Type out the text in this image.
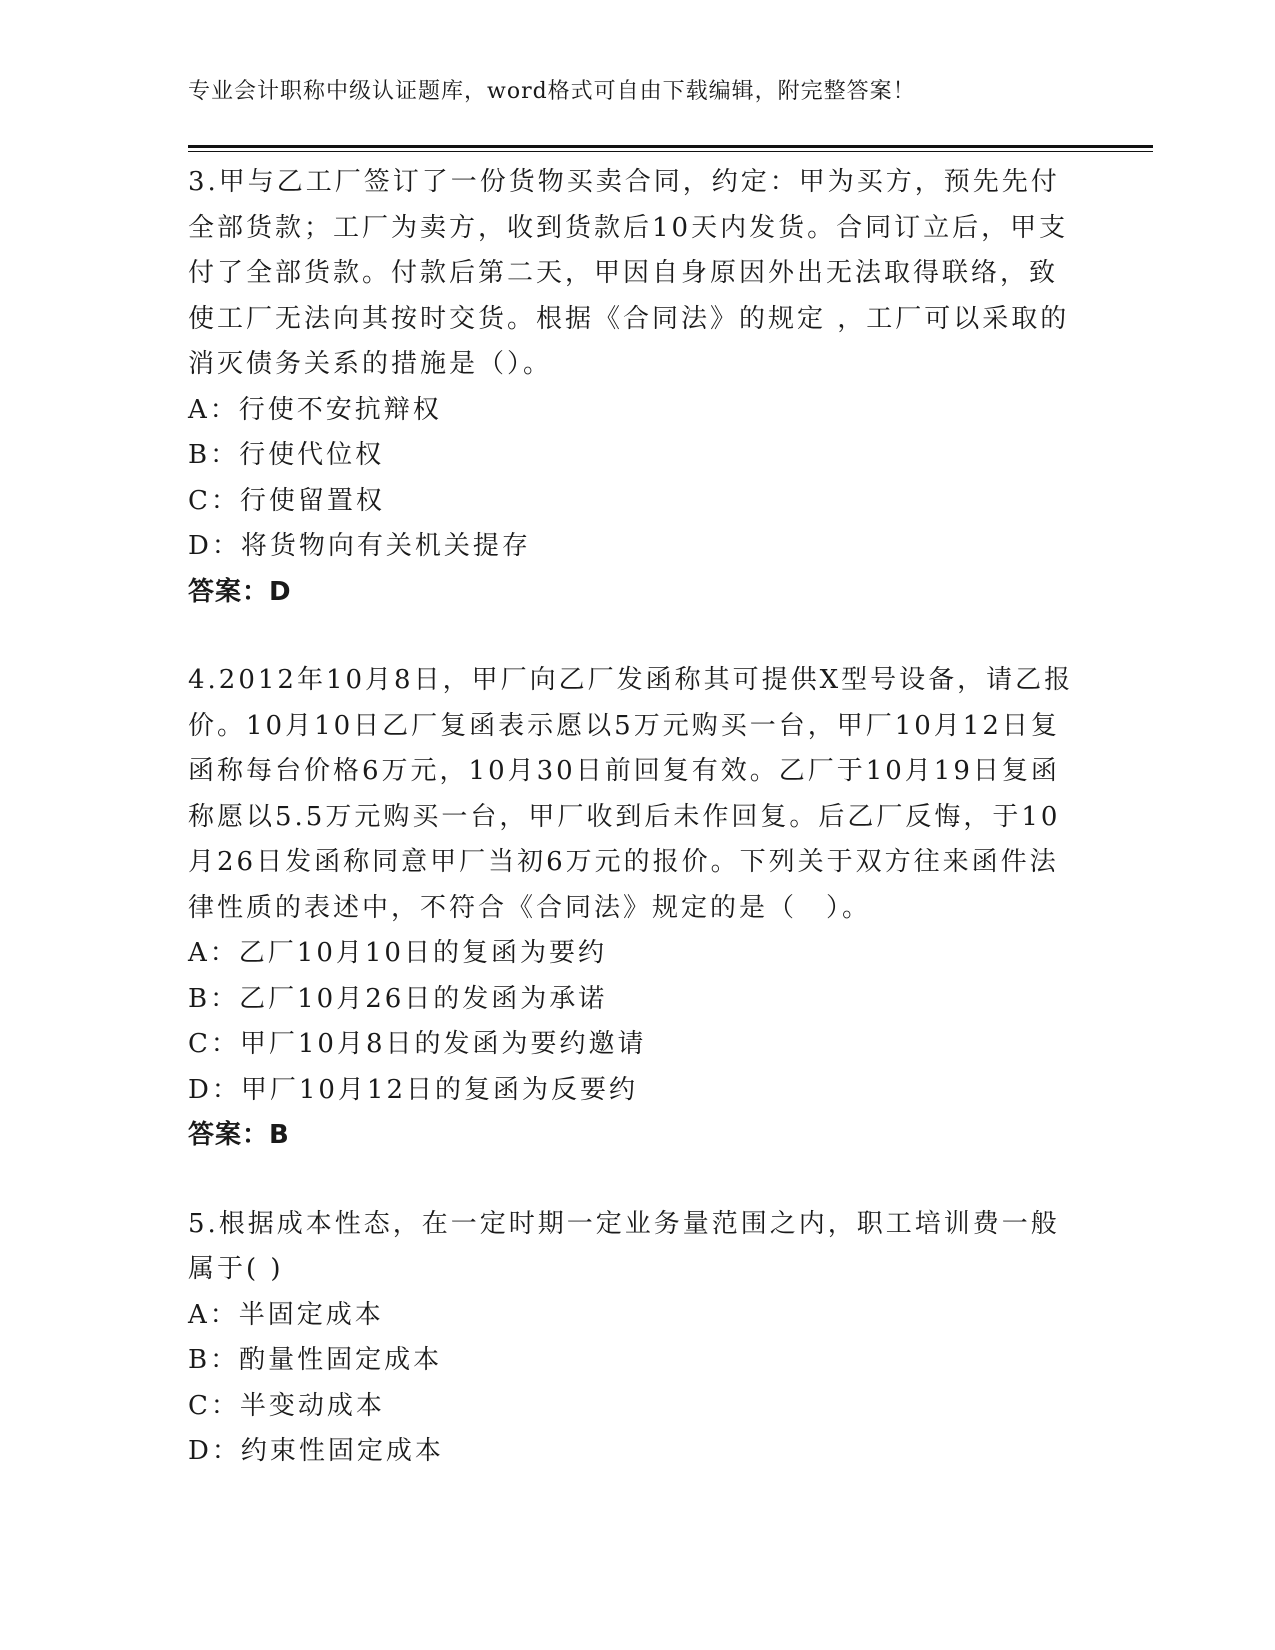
专业会计职称中级认证题库，word格式可自由下载编辑，附完整答案！
3.甲与乙工厂签订了一份货物买卖合同，约定：甲为买方，预先先付
全部货款；工厂为卖方，收到货款后10天内发货。合同订立后，甲支
付了全部货款。付款后第二天，甲因自身原因外出无法取得联络，致
使工厂无法向其按时交货。根据《合同法》的规定 ，工厂可以采取的
消灭债务关系的措施是（）。
A：行使不安抗辩权
B：行使代位权
C：行使留置权
D：将货物向有关机关提存
答案：D
4.2012年10月8日，甲厂向乙厂发函称其可提供X型号设备，请乙报
价。10月10日乙厂复函表示愿以5万元购买一台，甲厂10月12日复
函称每台价格6万元，10月30日前回复有效。乙厂于10月19日复函
称愿以5.5万元购买一台，甲厂收到后未作回复。后乙厂反悔，于10
月26日发函称同意甲厂当初6万元的报价。下列关于双方往来函件法
律性质的表述中，不符合《合同法》规定的是（　）。
A：乙厂10月10日的复函为要约
B：乙厂10月26日的发函为承诺
C：甲厂10月8日的发函为要约邀请
D：甲厂10月12日的复函为反要约
答案：B
5.根据成本性态，在一定时期一定业务量范围之内，职工培训费一般
属于( )
A：半固定成本
B：酌量性固定成本
C：半变动成本
D：约束性固定成本
